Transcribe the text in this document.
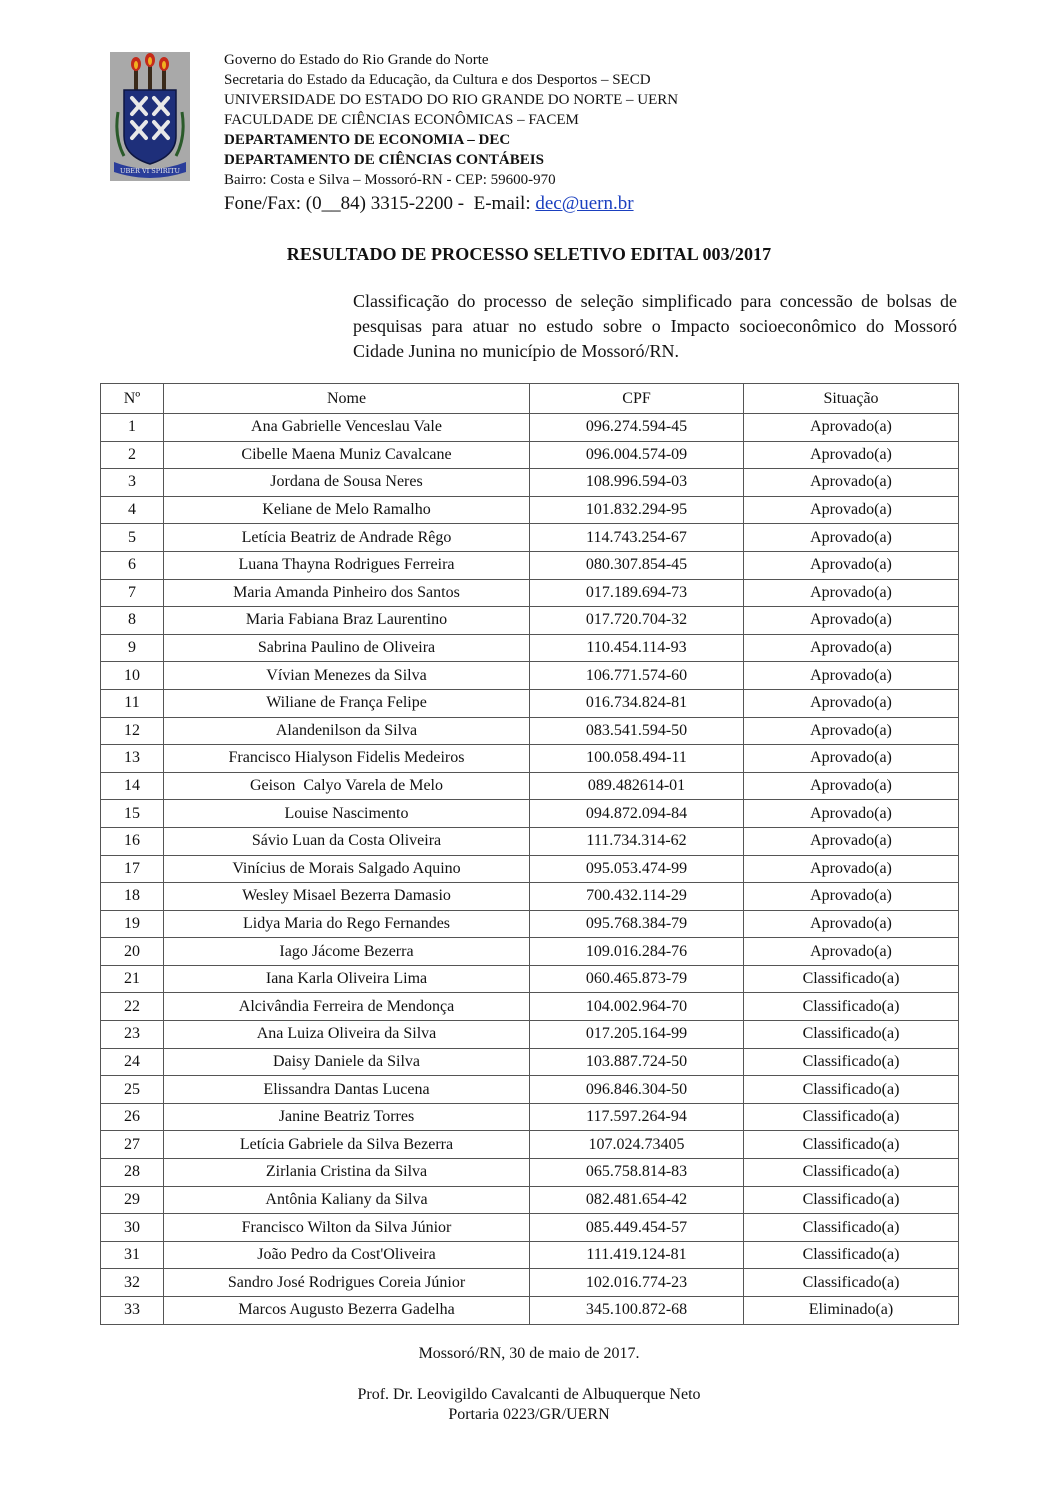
UBER VI SPIRITU
Governo do Estado do Rio Grande do Norte
Secretaria do Estado da Educação, da Cultura e dos Desportos – SECD
UNIVERSIDADE DO ESTADO DO RIO GRANDE DO NORTE – UERN
FACULDADE DE CIÊNCIAS ECONÔMICAS – FACEM
DEPARTAMENTO DE ECONOMIA – DEC
DEPARTAMENTO DE CIÊNCIAS CONTÁBEIS
Bairro: Costa e Silva – Mossoró-RN - CEP: 59600-970
Fone/Fax: (0__84) 3315-2200 -  E-mail: dec@uern.br
RESULTADO DE PROCESSO SELETIVO EDITAL 003/2017
Classificação do processo de seleção simplificado para concessão de bolsas de pesquisas para atuar no estudo sobre o Impacto socioeconômico do Mossoró Cidade Junina no município de Mossoró/RN.
Nº	Nome	CPF	Situação
1	Ana Gabrielle Venceslau Vale	096.274.594-45	Aprovado(a)
2	Cibelle Maena Muniz Cavalcane	096.004.574-09	Aprovado(a)
3	Jordana de Sousa Neres	108.996.594-03	Aprovado(a)
4	Keliane de Melo Ramalho	101.832.294-95	Aprovado(a)
5	Letícia Beatriz de Andrade Rêgo	114.743.254-67	Aprovado(a)
6	Luana Thayna Rodrigues Ferreira	080.307.854-45	Aprovado(a)
7	Maria Amanda Pinheiro dos Santos	017.189.694-73	Aprovado(a)
8	Maria Fabiana Braz Laurentino	017.720.704-32	Aprovado(a)
9	Sabrina Paulino de Oliveira	110.454.114-93	Aprovado(a)
10	Vívian Menezes da Silva	106.771.574-60	Aprovado(a)
11	Wiliane de França Felipe	016.734.824-81	Aprovado(a)
12	Alandenilson da Silva	083.541.594-50	Aprovado(a)
13	Francisco Hialyson Fidelis Medeiros	100.058.494-11	Aprovado(a)
14	Geison  Calyo Varela de Melo	089.482614-01	Aprovado(a)
15	Louise Nascimento	094.872.094-84	Aprovado(a)
16	Sávio Luan da Costa Oliveira	111.734.314-62	Aprovado(a)
17	Vinícius de Morais Salgado Aquino	095.053.474-99	Aprovado(a)
18	Wesley Misael Bezerra Damasio	700.432.114-29	Aprovado(a)
19	Lidya Maria do Rego Fernandes	095.768.384-79	Aprovado(a)
20	Iago Jácome Bezerra	109.016.284-76	Aprovado(a)
21	Iana Karla Oliveira Lima	060.465.873-79	Classificado(a)
22	Alcivândia Ferreira de Mendonça	104.002.964-70	Classificado(a)
23	Ana Luiza Oliveira da Silva	017.205.164-99	Classificado(a)
24	Daisy Daniele da Silva	103.887.724-50	Classificado(a)
25	Elissandra Dantas Lucena	096.846.304-50	Classificado(a)
26	Janine Beatriz Torres	117.597.264-94	Classificado(a)
27	Letícia Gabriele da Silva Bezerra	107.024.73405	Classificado(a)
28	Zirlania Cristina da Silva	065.758.814-83	Classificado(a)
29	Antônia Kaliany da Silva	082.481.654-42	Classificado(a)
30	Francisco Wilton da Silva Júnior	085.449.454-57	Classificado(a)
31	João Pedro da Cost'Oliveira	111.419.124-81	Classificado(a)
32	Sandro José Rodrigues Coreia Júnior	102.016.774-23	Classificado(a)
33	Marcos Augusto Bezerra Gadelha	345.100.872-68	Eliminado(a)
Mossoró/RN, 30 de maio de 2017.
Prof. Dr. Leovigildo Cavalcanti de Albuquerque Neto
Portaria 0223/GR/UERN
